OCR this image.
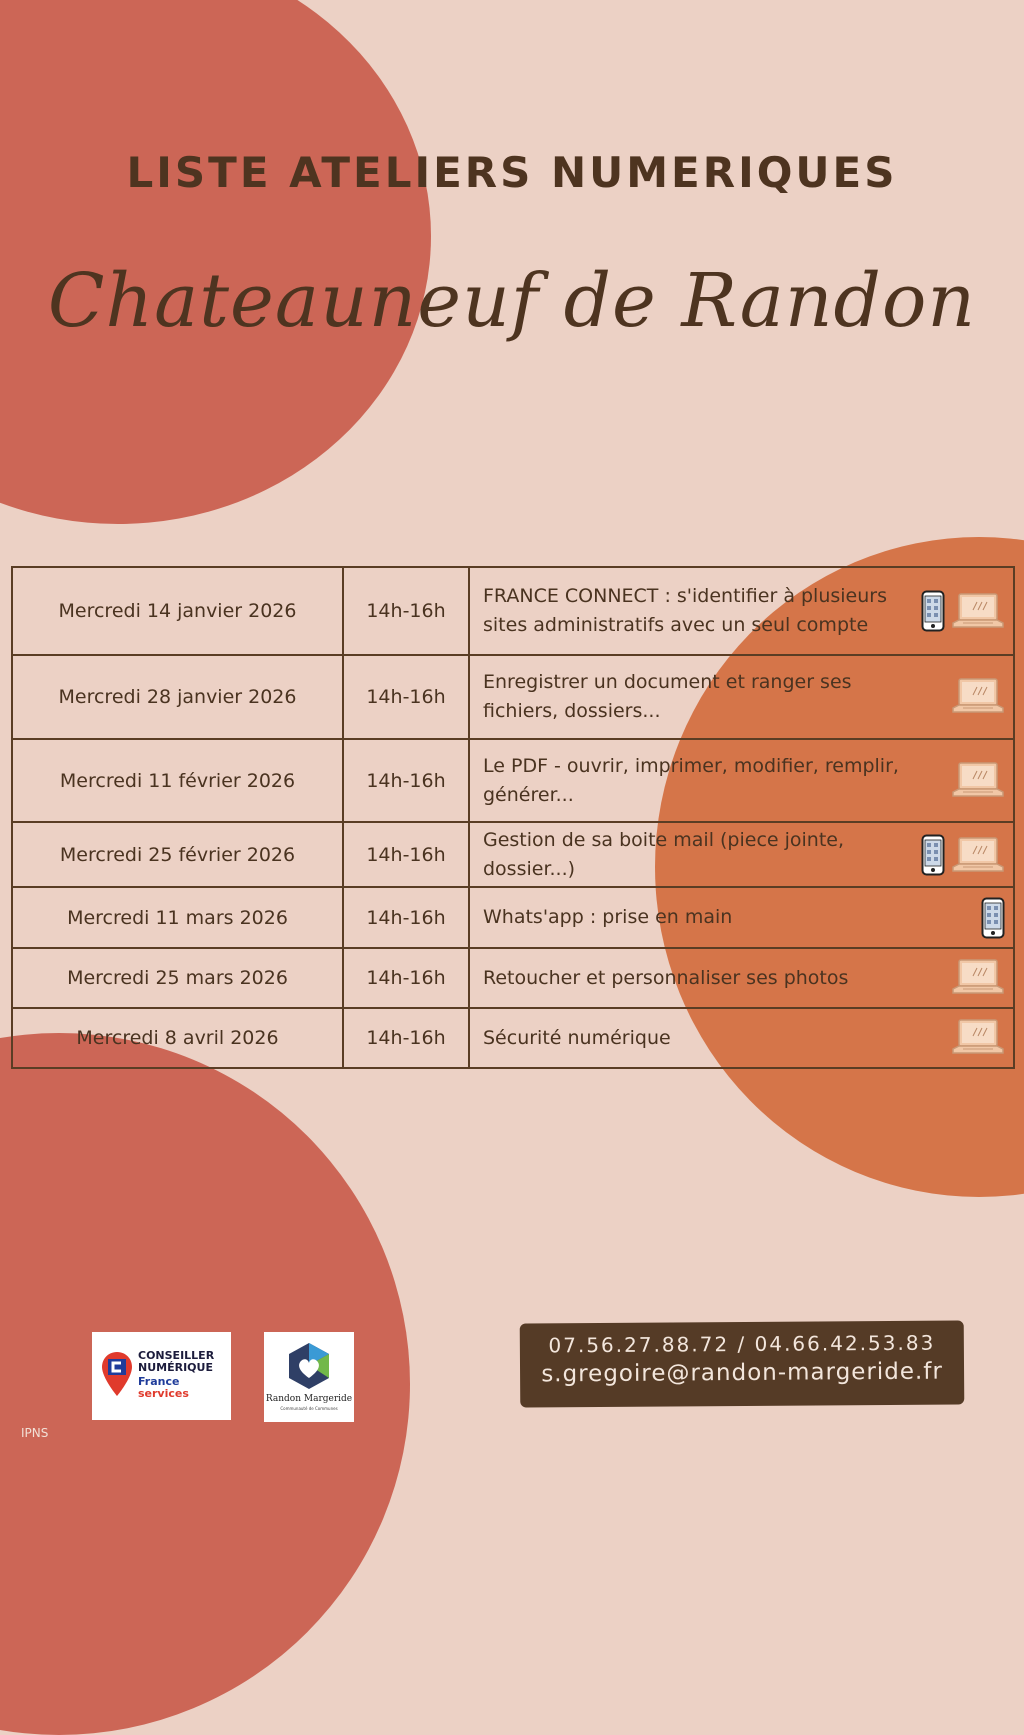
LISTE ATELIERS NUMERIQUES
Chateauneuf de Randon
Mercredi 14 janvier 2026	14h-16h	FRANCE CONNECT : s'identifier à plusieurs sites administratifs avec un seul compte

Mercredi 28 janvier 2026	14h-16h	Enregistrer un document et ranger ses fichiers, dossiers...

Mercredi 11 février 2026	14h-16h	Le PDF - ouvrir, imprimer, modifier, remplir, générer...

Mercredi 25 février 2026	14h-16h	Gestion de sa boite mail (piece jointe, dossier...)

Mercredi 11 mars 2026	14h-16h	Whats'app : prise en main

Mercredi 25 mars 2026	14h-16h	Retoucher et personnaliser ses photos

Mercredi 8 avril 2026	14h-16h	Sécurité numérique
CONSEILLER
NUMÉRIQUE
France
services	Randon Margeride
Communauté de Communes
07.56.27.88.72 / 04.66.42.53.83
s.gregoire@randon-margeride.fr
IPNS
